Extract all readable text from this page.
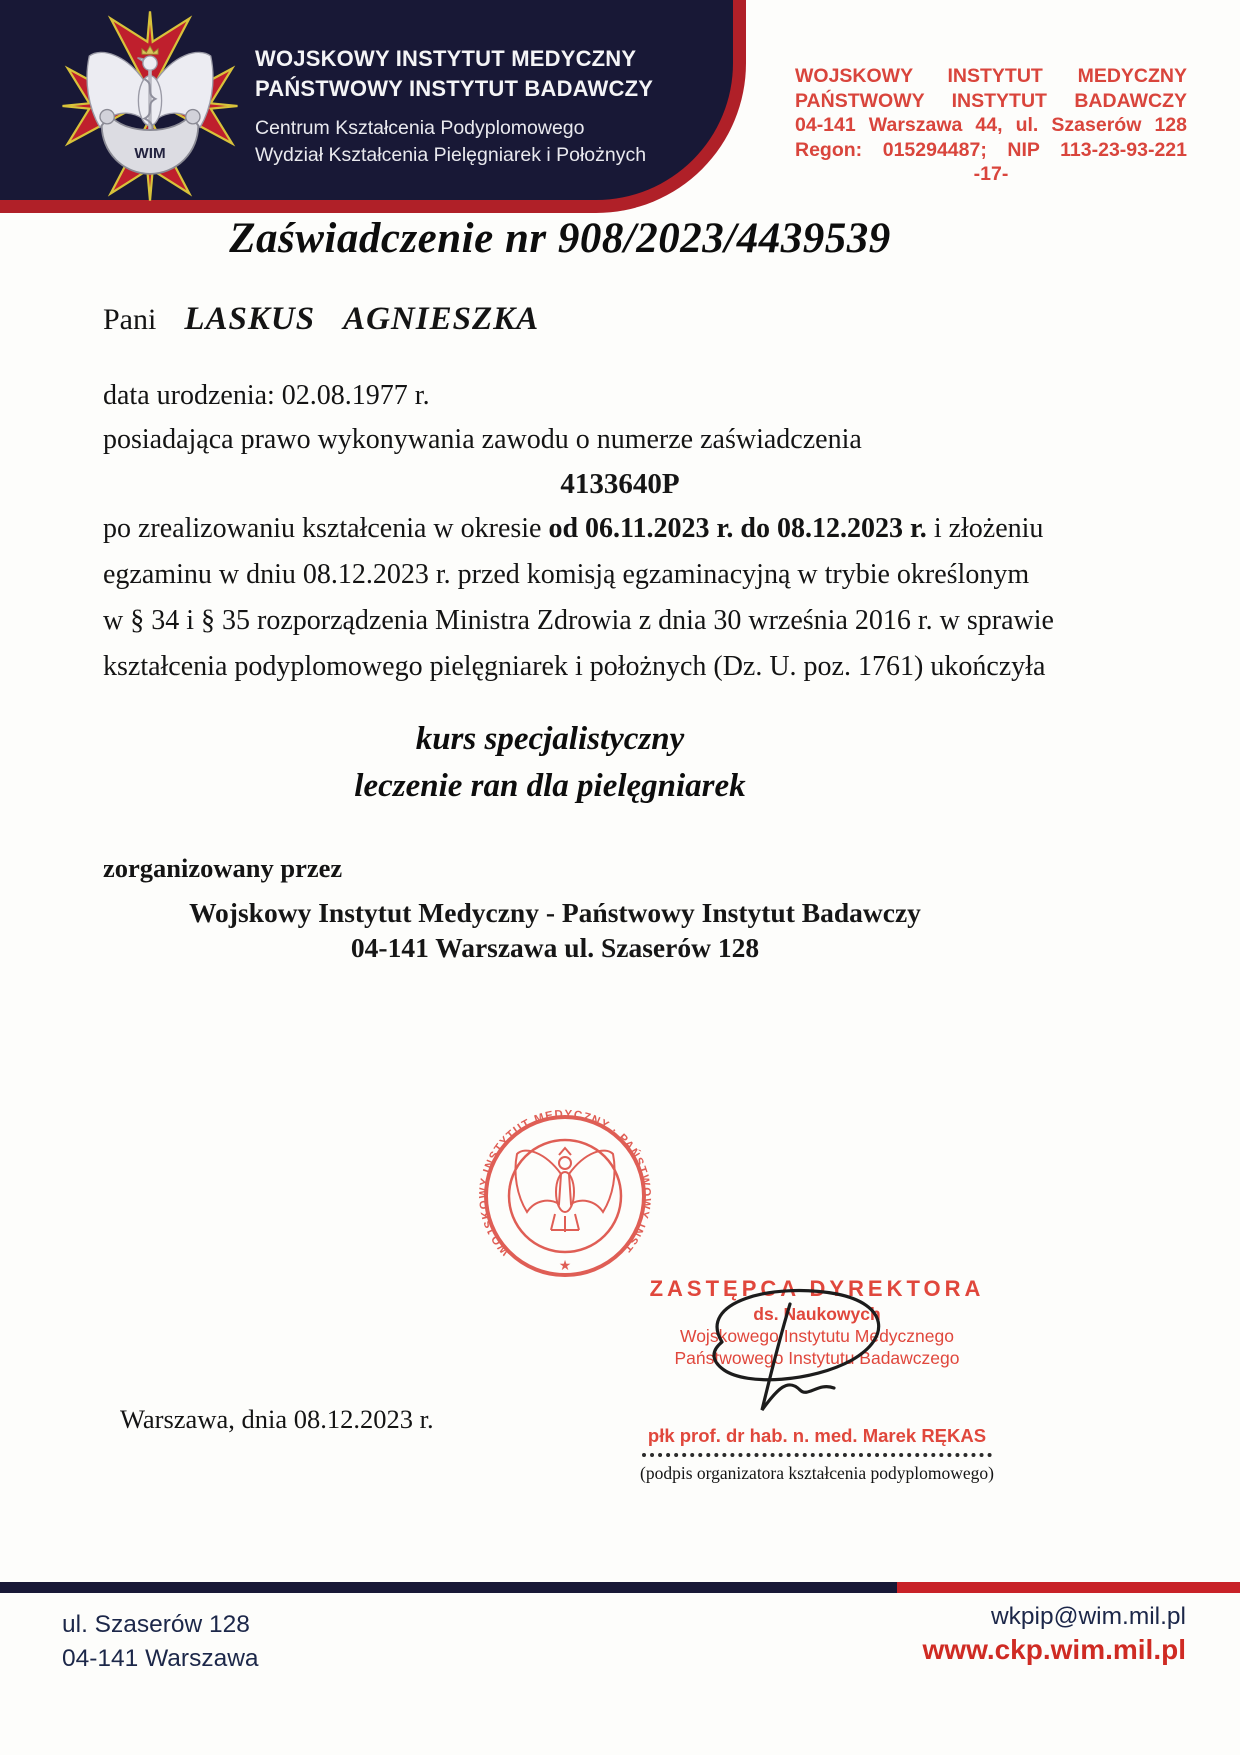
WIM
WOJSKOWY INSTYTUT MEDYCZNY
PAŃSTWOWY INSTYTUT BADAWCZY
Centrum Kształcenia Podyplomowego
Wydział Kształcenia Pielęgniarek i Położnych
WOJSKOWY INSTYTUT MEDYCZNY
PAŃSTWOWY INSTYTUT BADAWCZY
04-141 Warszawa 44, ul. Szaserów 128
Regon: 015294487; NIP 113-23-93-221
-17-
Zaświadczenie nr 908/2023/4439539
Pani LASKUS AGNIESZKA
data urodzenia: 02.08.1977 r.
posiadająca prawo wykonywania zawodu o numerze zaświadczenia
4133640P
po zrealizowaniu kształcenia w okresie od 06.11.2023 r. do 08.12.2023 r. i złożeniu
egzaminu w dniu 08.12.2023 r. przed komisją egzaminacyjną w trybie określonym
w § 34 i § 35 rozporządzenia Ministra Zdrowia z dnia 30 września 2016 r. w sprawie
kształcenia podyplomowego pielęgniarek i położnych (Dz. U. poz. 1761) ukończyła
kurs specjalistyczny
leczenie ran dla pielęgniarek
zorganizowany przez
Wojskowy Instytut Medyczny - Państwowy Instytut Badawczy
04-141 Warszawa ul. Szaserów 128
WOJSKOWY INSTYTUT MEDYCZNY · PAŃSTWOWY INSTYTUT BADAWCZY
★
ZASTĘPCA DYREKTORA
ds. Naukowych
Wojskowego Instytutu Medycznego
Państwowego Instytutu Badawczego
płk prof. dr hab. n. med. Marek RĘKAS
(podpis organizatora kształcenia podyplomowego)
Warszawa, dnia 08.12.2023 r.
ul. Szaserów 128
04-141 Warszawa
wkpip@wim.mil.pl
www.ckp.wim.mil.pl
